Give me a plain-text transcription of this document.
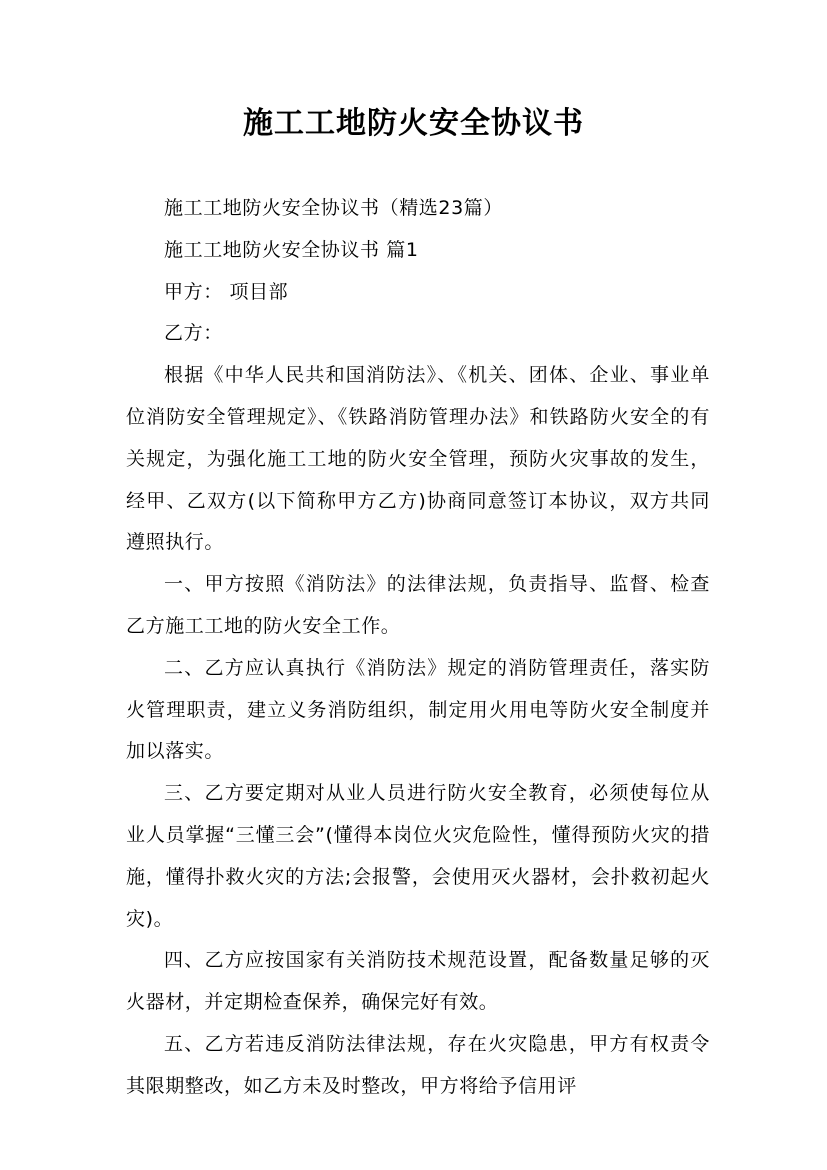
施工工地防火安全协议书

施工工地防火安全协议书（精选23篇）

施工工地防火安全协议书 篇1

甲方： 项目部

乙方：

根据《中华人民共和国消防法》、《机关、团体、企业、事业单位消防安全管理规定》、《铁路消防管理办法》和铁路防火安全的有关规定，为强化施工工地的防火安全管理，预防火灾事故的发生，经甲、乙双方(以下简称甲方乙方)协商同意签订本协议，双方共同遵照执行。

一、甲方按照《消防法》的法律法规，负责指导、监督、检查乙方施工工地的防火安全工作。

二、乙方应认真执行《消防法》规定的消防管理责任，落实防火管理职责，建立义务消防组织，制定用火用电等防火安全制度并加以落实。

三、乙方要定期对从业人员进行防火安全教育，必须使每位从业人员掌握“三懂三会”(懂得本岗位火灾危险性，懂得预防火灾的措施，懂得扑救火灾的方法;会报警，会使用灭火器材，会扑救初起火灾)。

四、乙方应按国家有关消防技术规范设置，配备数量足够的灭火器材，并定期检查保养，确保完好有效。

五、乙方若违反消防法律法规，存在火灾隐患，甲方有权责令其限期整改，如乙方未及时整改，甲方将给予信用评
